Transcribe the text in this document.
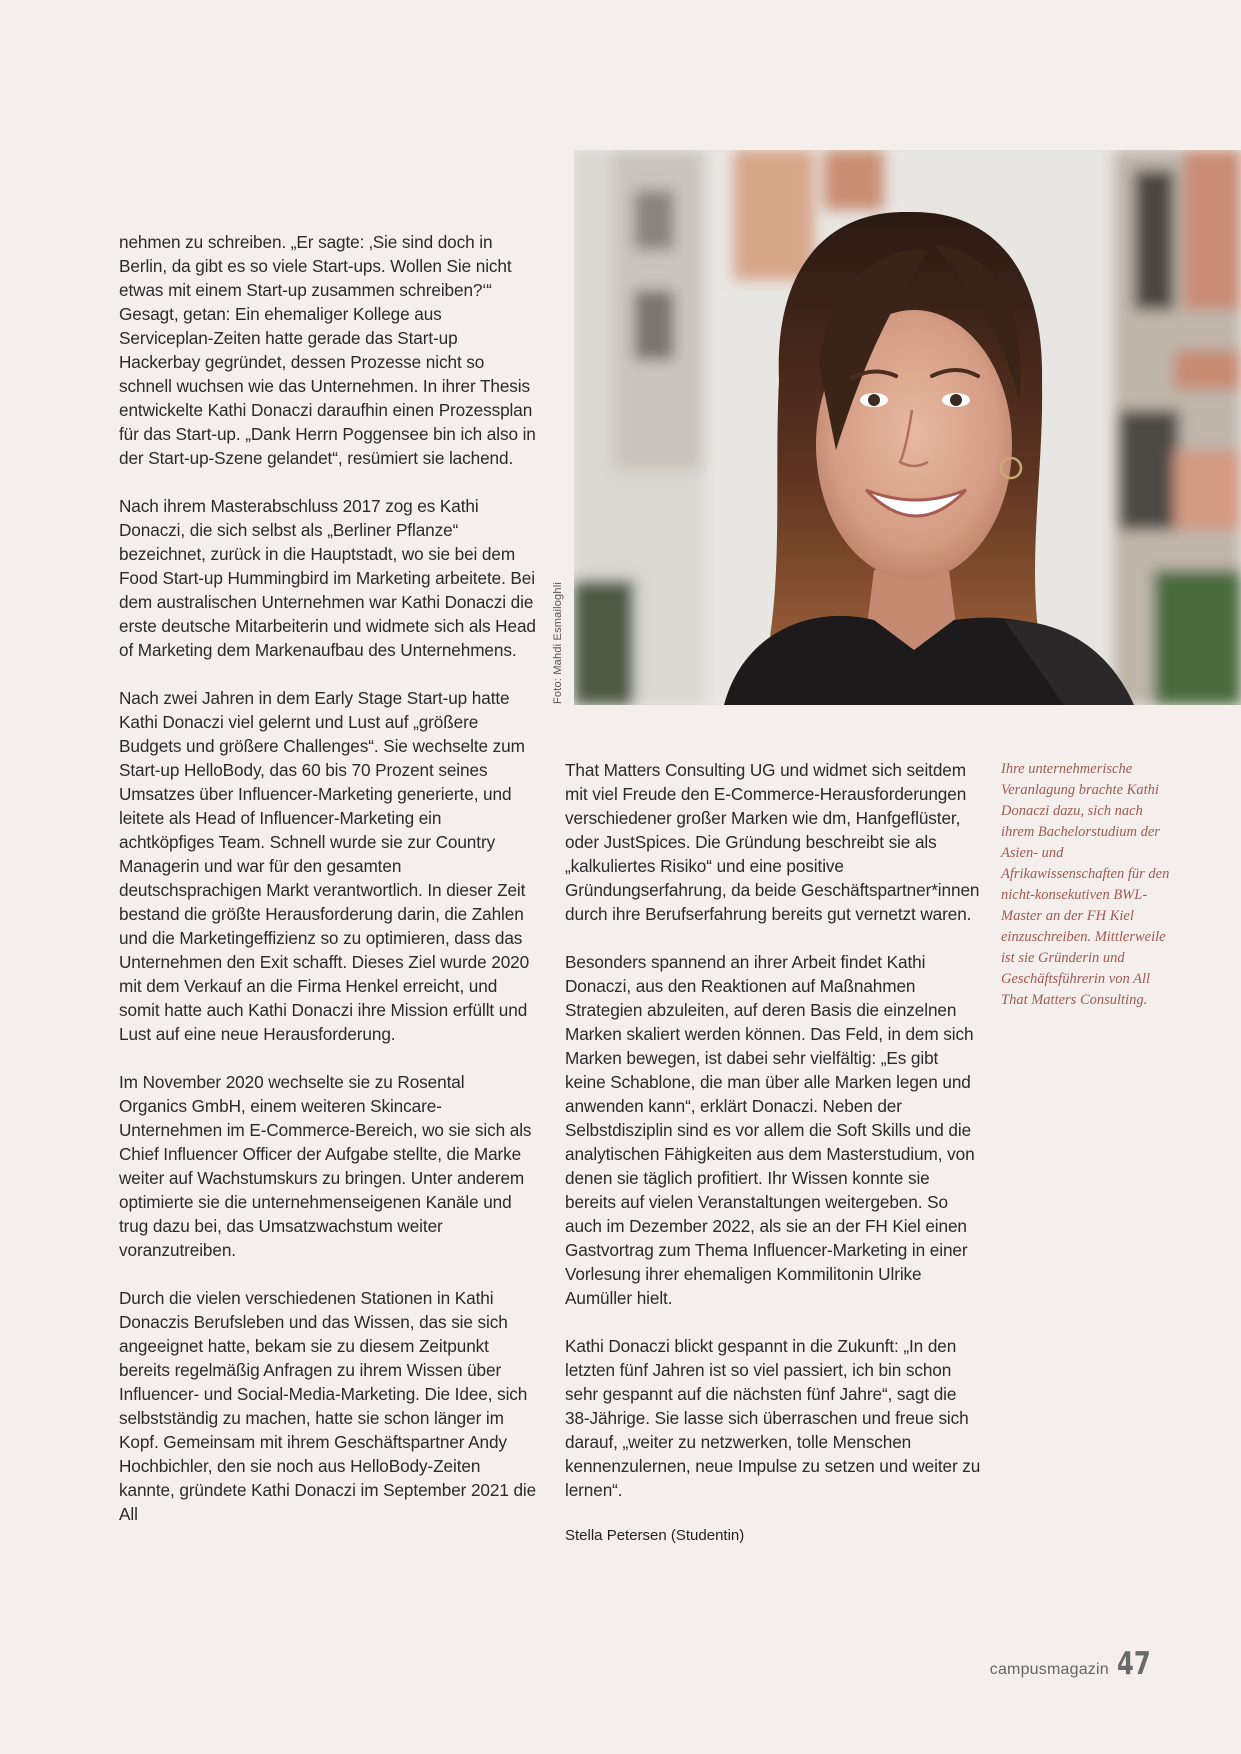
nehmen zu schreiben. „Er sagte: ‚Sie sind doch in Berlin, da gibt es so viele Start-ups. Wollen Sie nicht etwas mit einem Start-up zusammen schreiben?‘“ Gesagt, getan: Ein ehemaliger Kollege aus Serviceplan-Zeiten hatte gerade das Start-up Hackerbay gegründet, dessen Prozesse nicht so schnell wuchsen wie das Unternehmen. In ihrer Thesis entwickelte Kathi Donaczi daraufhin einen Prozessplan für das Start-up. „Dank Herrn Poggensee bin ich also in der Start-up-Szene gelandet“, resümiert sie lachend.

Nach ihrem Masterabschluss 2017 zog es Kathi Donaczi, die sich selbst als „Berliner Pflanze“ bezeichnet, zurück in die Hauptstadt, wo sie bei dem Food Start-up Hummingbird im Marketing arbeitete. Bei dem australischen Unternehmen war Kathi Donaczi die erste deutsche Mitarbeiterin und widmete sich als Head of Marketing dem Markenaufbau des Unternehmens.

Nach zwei Jahren in dem Early Stage Start-up hatte Kathi Donaczi viel gelernt und Lust auf „größere Budgets und größere Challenges“. Sie wechselte zum Start-up HelloBody, das 60 bis 70 Prozent seines Umsatzes über Influencer-Marketing generierte, und leitete als Head of Influencer-Marketing ein achtköpfiges Team. Schnell wurde sie zur Country Managerin und war für den gesamten deutschsprachigen Markt verantwortlich. In dieser Zeit bestand die größte Herausforderung darin, die Zahlen und die Marketingeffizienz so zu optimieren, dass das Unternehmen den Exit schafft. Dieses Ziel wurde 2020 mit dem Verkauf an die Firma Henkel erreicht, und somit hatte auch Kathi Donaczi ihre Mission erfüllt und Lust auf eine neue Herausforderung.

Im November 2020 wechselte sie zu Rosental Organics GmbH, einem weiteren Skincare-Unternehmen im E-Commerce-Bereich, wo sie sich als Chief Influencer Officer der Aufgabe stellte, die Marke weiter auf Wachstumskurs zu bringen. Unter anderem optimierte sie die unternehmenseigenen Kanäle und trug dazu bei, das Umsatzwachstum weiter voranzutreiben.

Durch die vielen verschiedenen Stationen in Kathi Donaczis Berufsleben und das Wissen, das sie sich angeeignet hatte, bekam sie zu diesem Zeitpunkt bereits regelmäßig Anfragen zu ihrem Wissen über Influencer- und Social-Media-Marketing. Die Idee, sich selbstständig zu machen, hatte sie schon länger im Kopf. Gemeinsam mit ihrem Geschäftspartner Andy Hochbichler, den sie noch aus HelloBody-Zeiten kannte, gründete Kathi Donaczi im September 2021 die All

Foto: Mahdi Esmailoghli

That Matters Consulting UG und widmet sich seitdem mit viel Freude den E-Commerce-Herausforderungen verschiedener großer Marken wie dm, Hanfgeflüster, oder JustSpices. Die Gründung beschreibt sie als „kalkuliertes Risiko“ und eine positive Gründungserfahrung, da beide Geschäftspartner*innen durch ihre Berufserfahrung bereits gut vernetzt waren.

Besonders spannend an ihrer Arbeit findet Kathi Donaczi, aus den Reaktionen auf Maßnahmen Strategien abzuleiten, auf deren Basis die einzelnen Marken skaliert werden können. Das Feld, in dem sich Marken bewegen, ist dabei sehr vielfältig: „Es gibt keine Schablone, die man über alle Marken legen und anwenden kann“, erklärt Donaczi. Neben der Selbstdisziplin sind es vor allem die Soft Skills und die analytischen Fähigkeiten aus dem Masterstudium, von denen sie täglich profitiert. Ihr Wissen konnte sie bereits auf vielen Veranstaltungen weitergeben. So auch im Dezember 2022, als sie an der FH Kiel einen Gastvortrag zum Thema Influencer-Marketing in einer Vorlesung ihrer ehemaligen Kommilitonin Ulrike Aumüller hielt.

Kathi Donaczi blickt gespannt in die Zukunft: „In den letzten fünf Jahren ist so viel passiert, ich bin schon sehr gespannt auf die nächsten fünf Jahre“, sagt die 38-Jährige. Sie lasse sich überraschen und freue sich darauf, „weiter zu netzwerken, tolle Menschen kennenzulernen, neue Impulse zu setzen und weiter zu lernen“.

Stella Petersen (Studentin)
Ihre unternehmerische Veranlagung brachte Kathi Donaczi dazu, sich nach ihrem Bachelorstudium der Asien- und Afrikawissenschaften für den nicht-konsekutiven BWL-Master an der FH Kiel einzuschreiben. Mittlerweile ist sie Gründerin und Geschäftsführerin von All That Matters Consulting.
campusmagazin 47
